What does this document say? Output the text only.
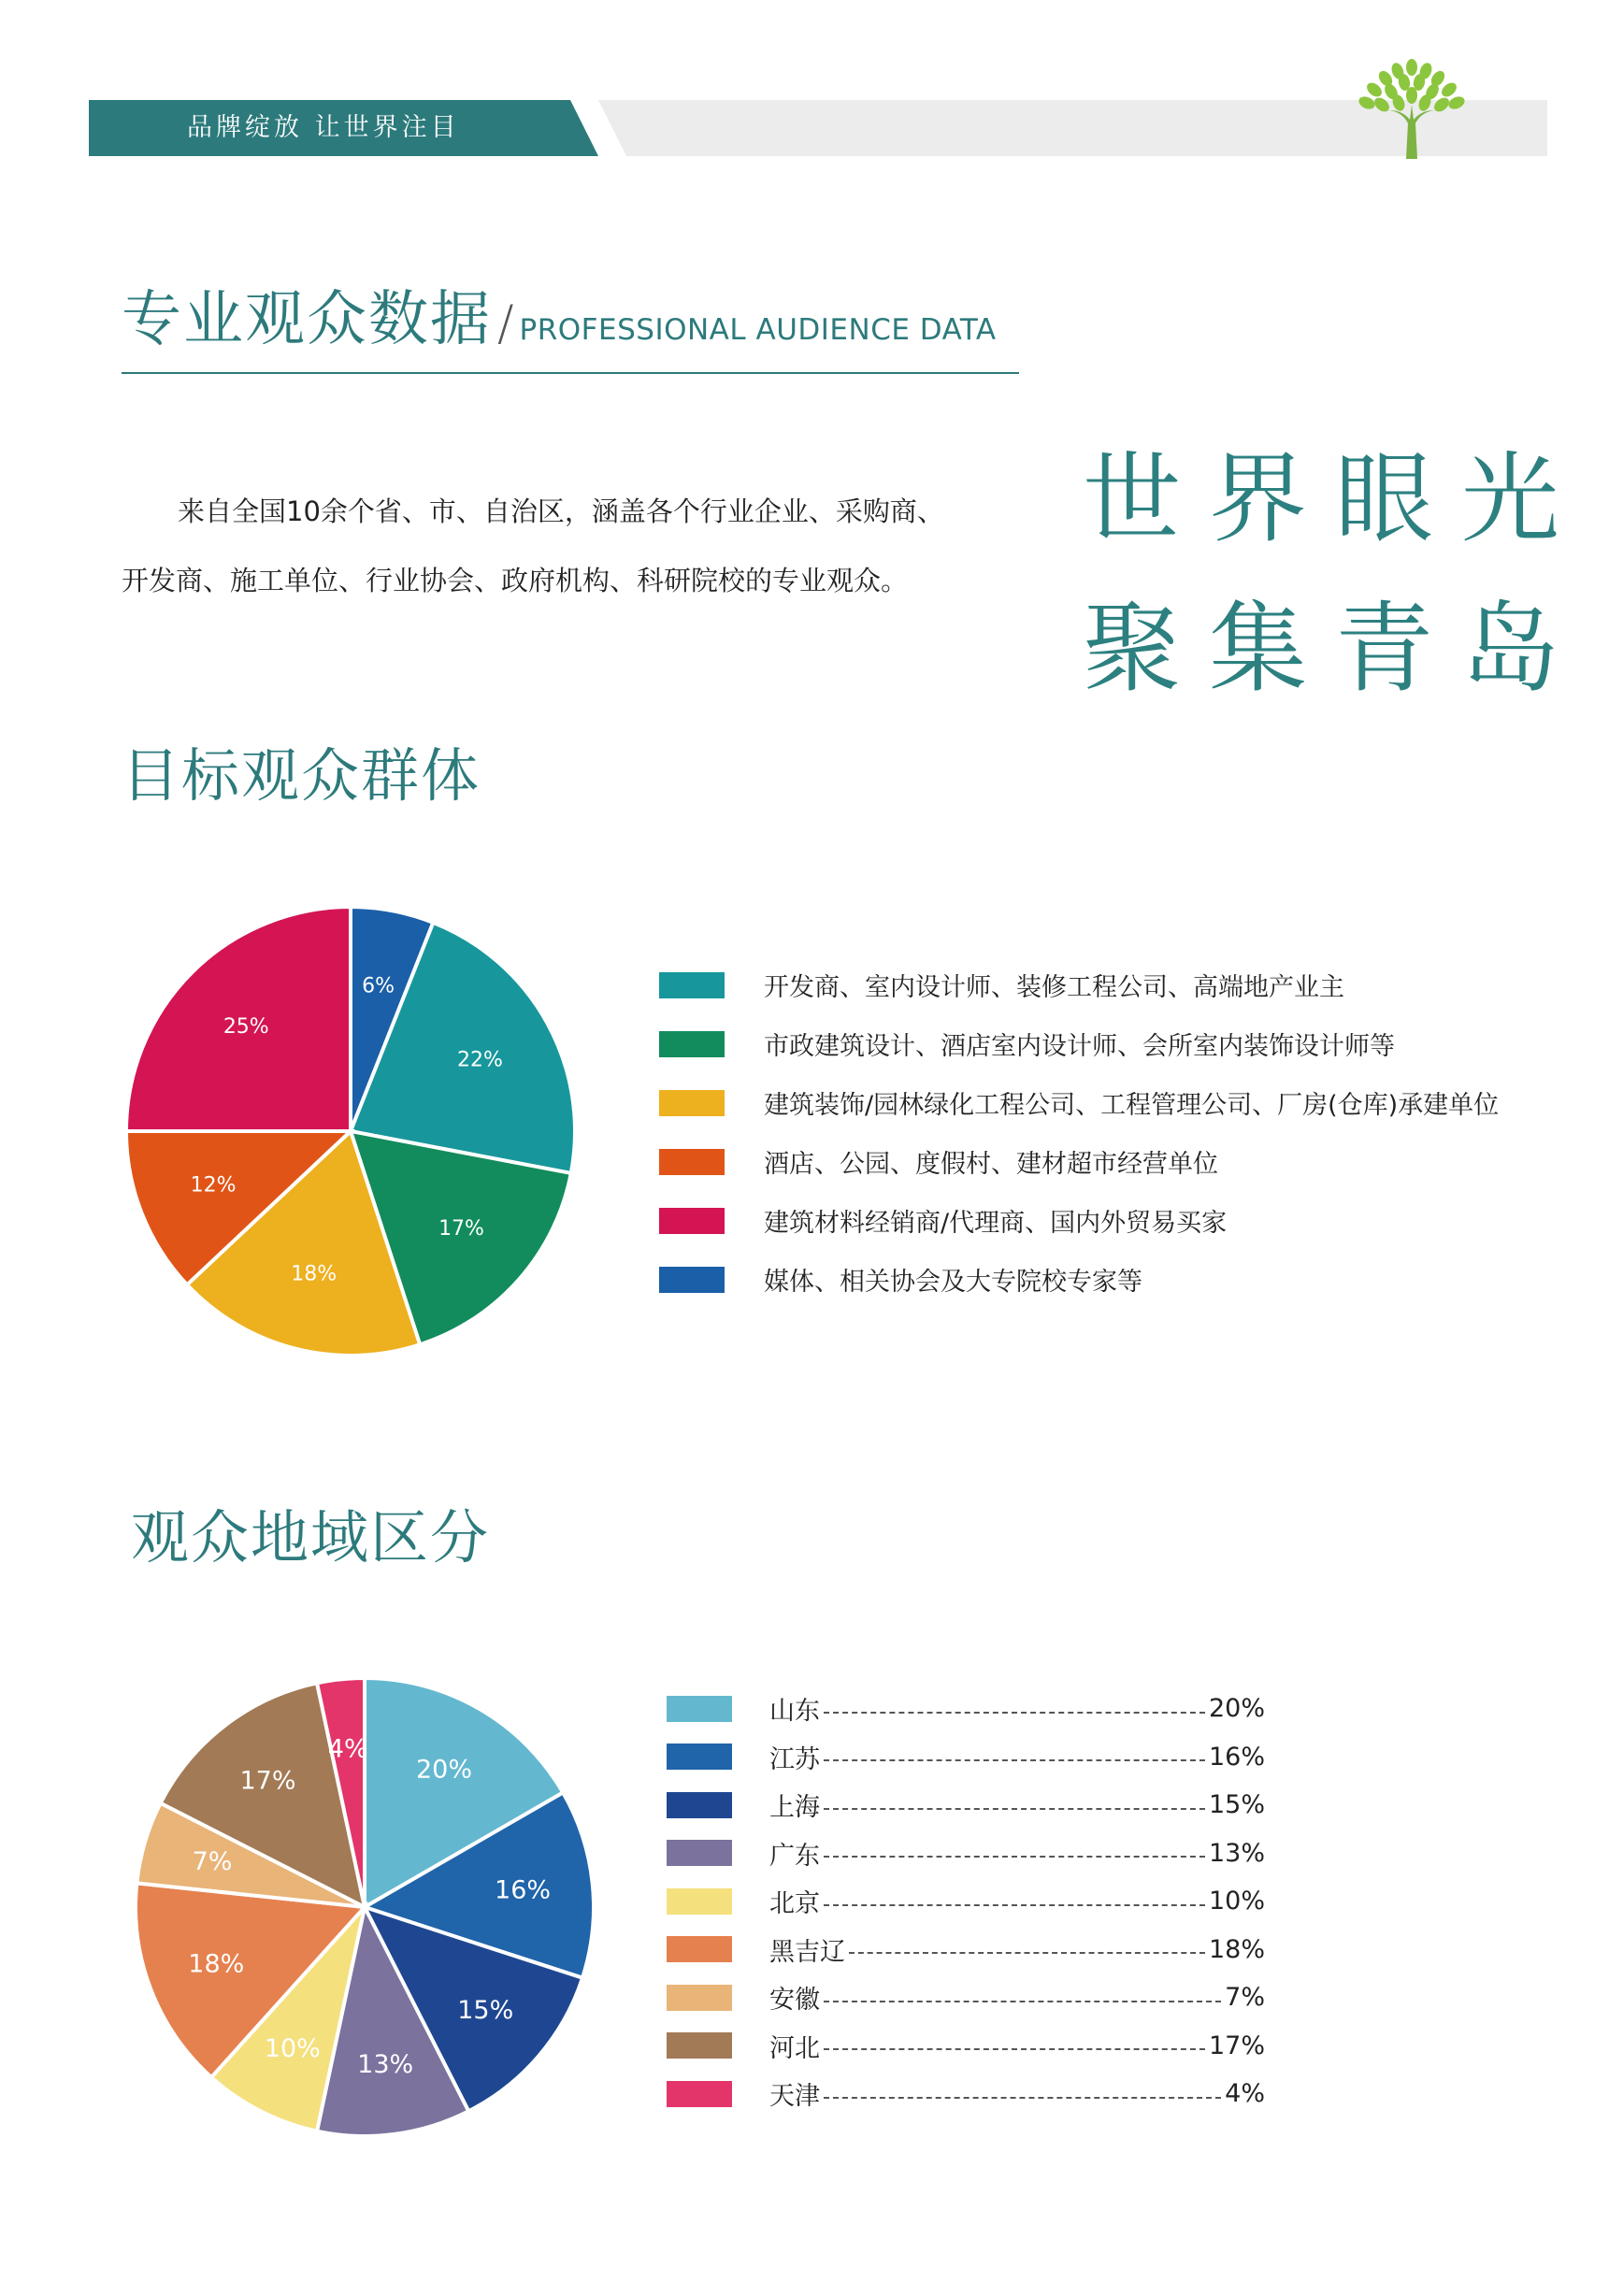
品牌绽放 让世界注目
专业观众数据 / PROFESSIONAL AUDIENCE DATA

来自全国10余个省、市、自治区，涵盖各个行业企业、采购商、

开发商、施工单位、行业协会、政府机构、科研院校的专业观众。

世界眼光
聚集青岛
目标观众群体
6%
22%
17%
18%
12%
25%
开发商、室内设计师、装修工程公司、高端地产业主
市政建筑设计、酒店室内设计师、会所室内装饰设计师等
建筑装饰/园林绿化工程公司、工程管理公司、厂房(仓库)承建单位
酒店、公园、度假村、建材超市经营单位
建筑材料经销商/代理商、国内外贸易买家
媒体、相关协会及大专院校专家等
观众地域区分
20%
16%
15%
13%
10%
18%
7%
17%
4%
山东	20%
江苏	16%
上海	15%
广东	13%
北京	10%
黑吉辽	18%
安徽	7%
河北	17%
天津	4%
